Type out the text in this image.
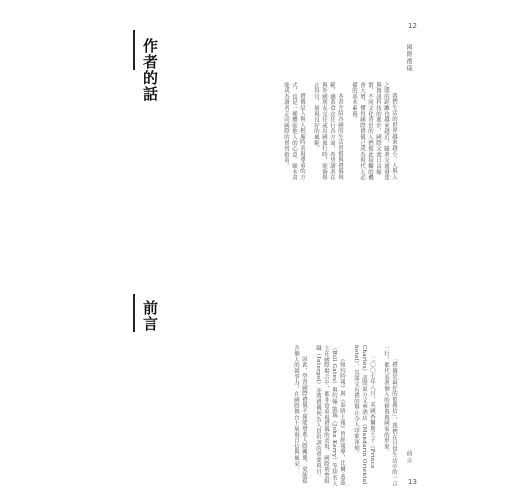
作者的話	國際禮儀
12

我們生活的世界越來越小，人與人之間的距離也越來越近。隨著交通發達與資訊科技的進步，國際交流日益頻繁，不同文化背景的人們彼此接觸的機會大增，懂得國際禮儀已成為現代人必備的基本素養。

本書介紹各國的生活習慣與禮儀規範，涵蓋食衣住行各方面，希望讀者在與外國朋友交往或出國旅行時，能夠舉止得宜，展現良好的風範。

禮儀是人與人相處時表現尊重的方式，也是一種體貼他人的心意。願本書能成為讀者走向國際的實用指南。

前言

「禮儀是最好的推薦信」，我們在日常生活中的一言一行，都代表著個人的修養與國家的形象。

二〇〇七年八月，英國查爾斯王子（Prince Charles）訪問東方文華酒店（Mandarin Oriental hotel），其溫文有禮的舉止令人印象深刻。

《紐約時報》與《泰晤士報》曾經報導，比爾·蓋茲（Bill Gates）與約翰·凱瑞（John Kerry）等知名人士在國際場合中，都非常重視禮儀的表現。國際刑警組織（Interpol）亦將禮儀列為人員培訓的重要項目。

因此，學習國際禮儀不僅能增進人際關係，更能提升個人的競爭力，在國際舞台上展現自信與風采。	前言
13
